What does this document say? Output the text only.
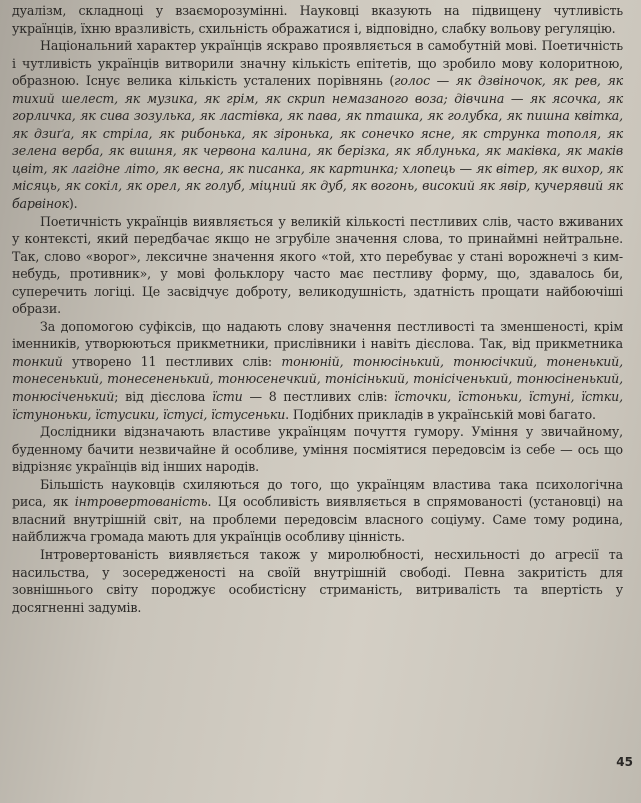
дуалізм, складноці у взаєморозумінні. Науковці вказують на підвищену чутливість українців, їхню вразливість, схильність ображатися і, відповідно, слабку вольову регуляцію.

Національний характер українців яскраво проявляється в самобутній мові. Поетичність і чутливість українців витворили значну кількість епітетів, що зробило мову колоритною, образною. Існує велика кількість усталених порівнянь (голос — як дзвіночок, як рев, як тихий шелест, як музика, як грім, як скрип немазаного воза; дівчина — як ясочка, як горличка, як сива зозулька, як ластівка, як пава, як пташка, як голубка, як пишна квітка, як дзиґа, як стріла, як рибонька, як зіронька, як сонечко ясне, як струнка тополя, як зелена верба, як вишня, як червона калина, як берізка, як яблунька, як маківка, як маків цвіт, як лагідне літо, як весна, як писанка, як картинка; хлопець — як вітер, як вихор, як місяць, як сокіл, як орел, як голуб, міцний як дуб, як вогонь, високий як явір, кучерявий як барвінок).

Поетичність українців виявляється у великій кількості пестливих слів, часто вживаних у контексті, який передбачає якщо не згрубіле значення слова, то принаймні нейтральне. Так, слово «ворог», лексичне значення якого «той, хто перебуває у стані ворожнечі з ким-небудь, противник», у мові фольклору часто має пестливу форму, що, здавалось би, суперечить логіці. Це засвідчує доброту, великодушність, здатність прощати найбоючіші образи.

За допомогою суфіксів, що надають слову значення пестливості та зменшеності, крім іменників, утворюються прикметники, прислівники і навіть дієслова. Так, від прикметника тонкий утворено 11 пестливих слів: тонюній, тонюсінький, тонюсічкий, тоненький, тонесенький, тонесененький, тонюсенечкий, тонісінький, тонісіченький, тонюсіненький, тонюсіченький; від дієслова їсти — 8 пестливих слів: їсточки, їстоньки, їстуні, їстки, їстуноньки, їстусики, їстусі, їстусеньки. Подібних прикладів в українській мові багато.

Дослідники відзначають властиве українцям почуття гумору. Уміння у звичайному, буденному бачити незвичайне й особливе, уміння посміятися передовсім із себе — ось що відрізняє українців від інших народів.

Більшість науковців схиляються до того, що українцям властива така психологічна риса, як інтровертованість. Ця особливість виявляється в спрямованості (установці) на власний внутрішній світ, на проблеми передовсім власного соціуму. Саме тому родина, найближча громада мають для українців особливу цінність.

Інтровертованість виявляється також у миролюбності, несхильності до агресії та насильства, у зосередженості на своїй внутрішній свободі. Певна закритість для зовнішнього світу породжує особистісну стриманість, витривалість та впертість у досягненні задумів.

45
